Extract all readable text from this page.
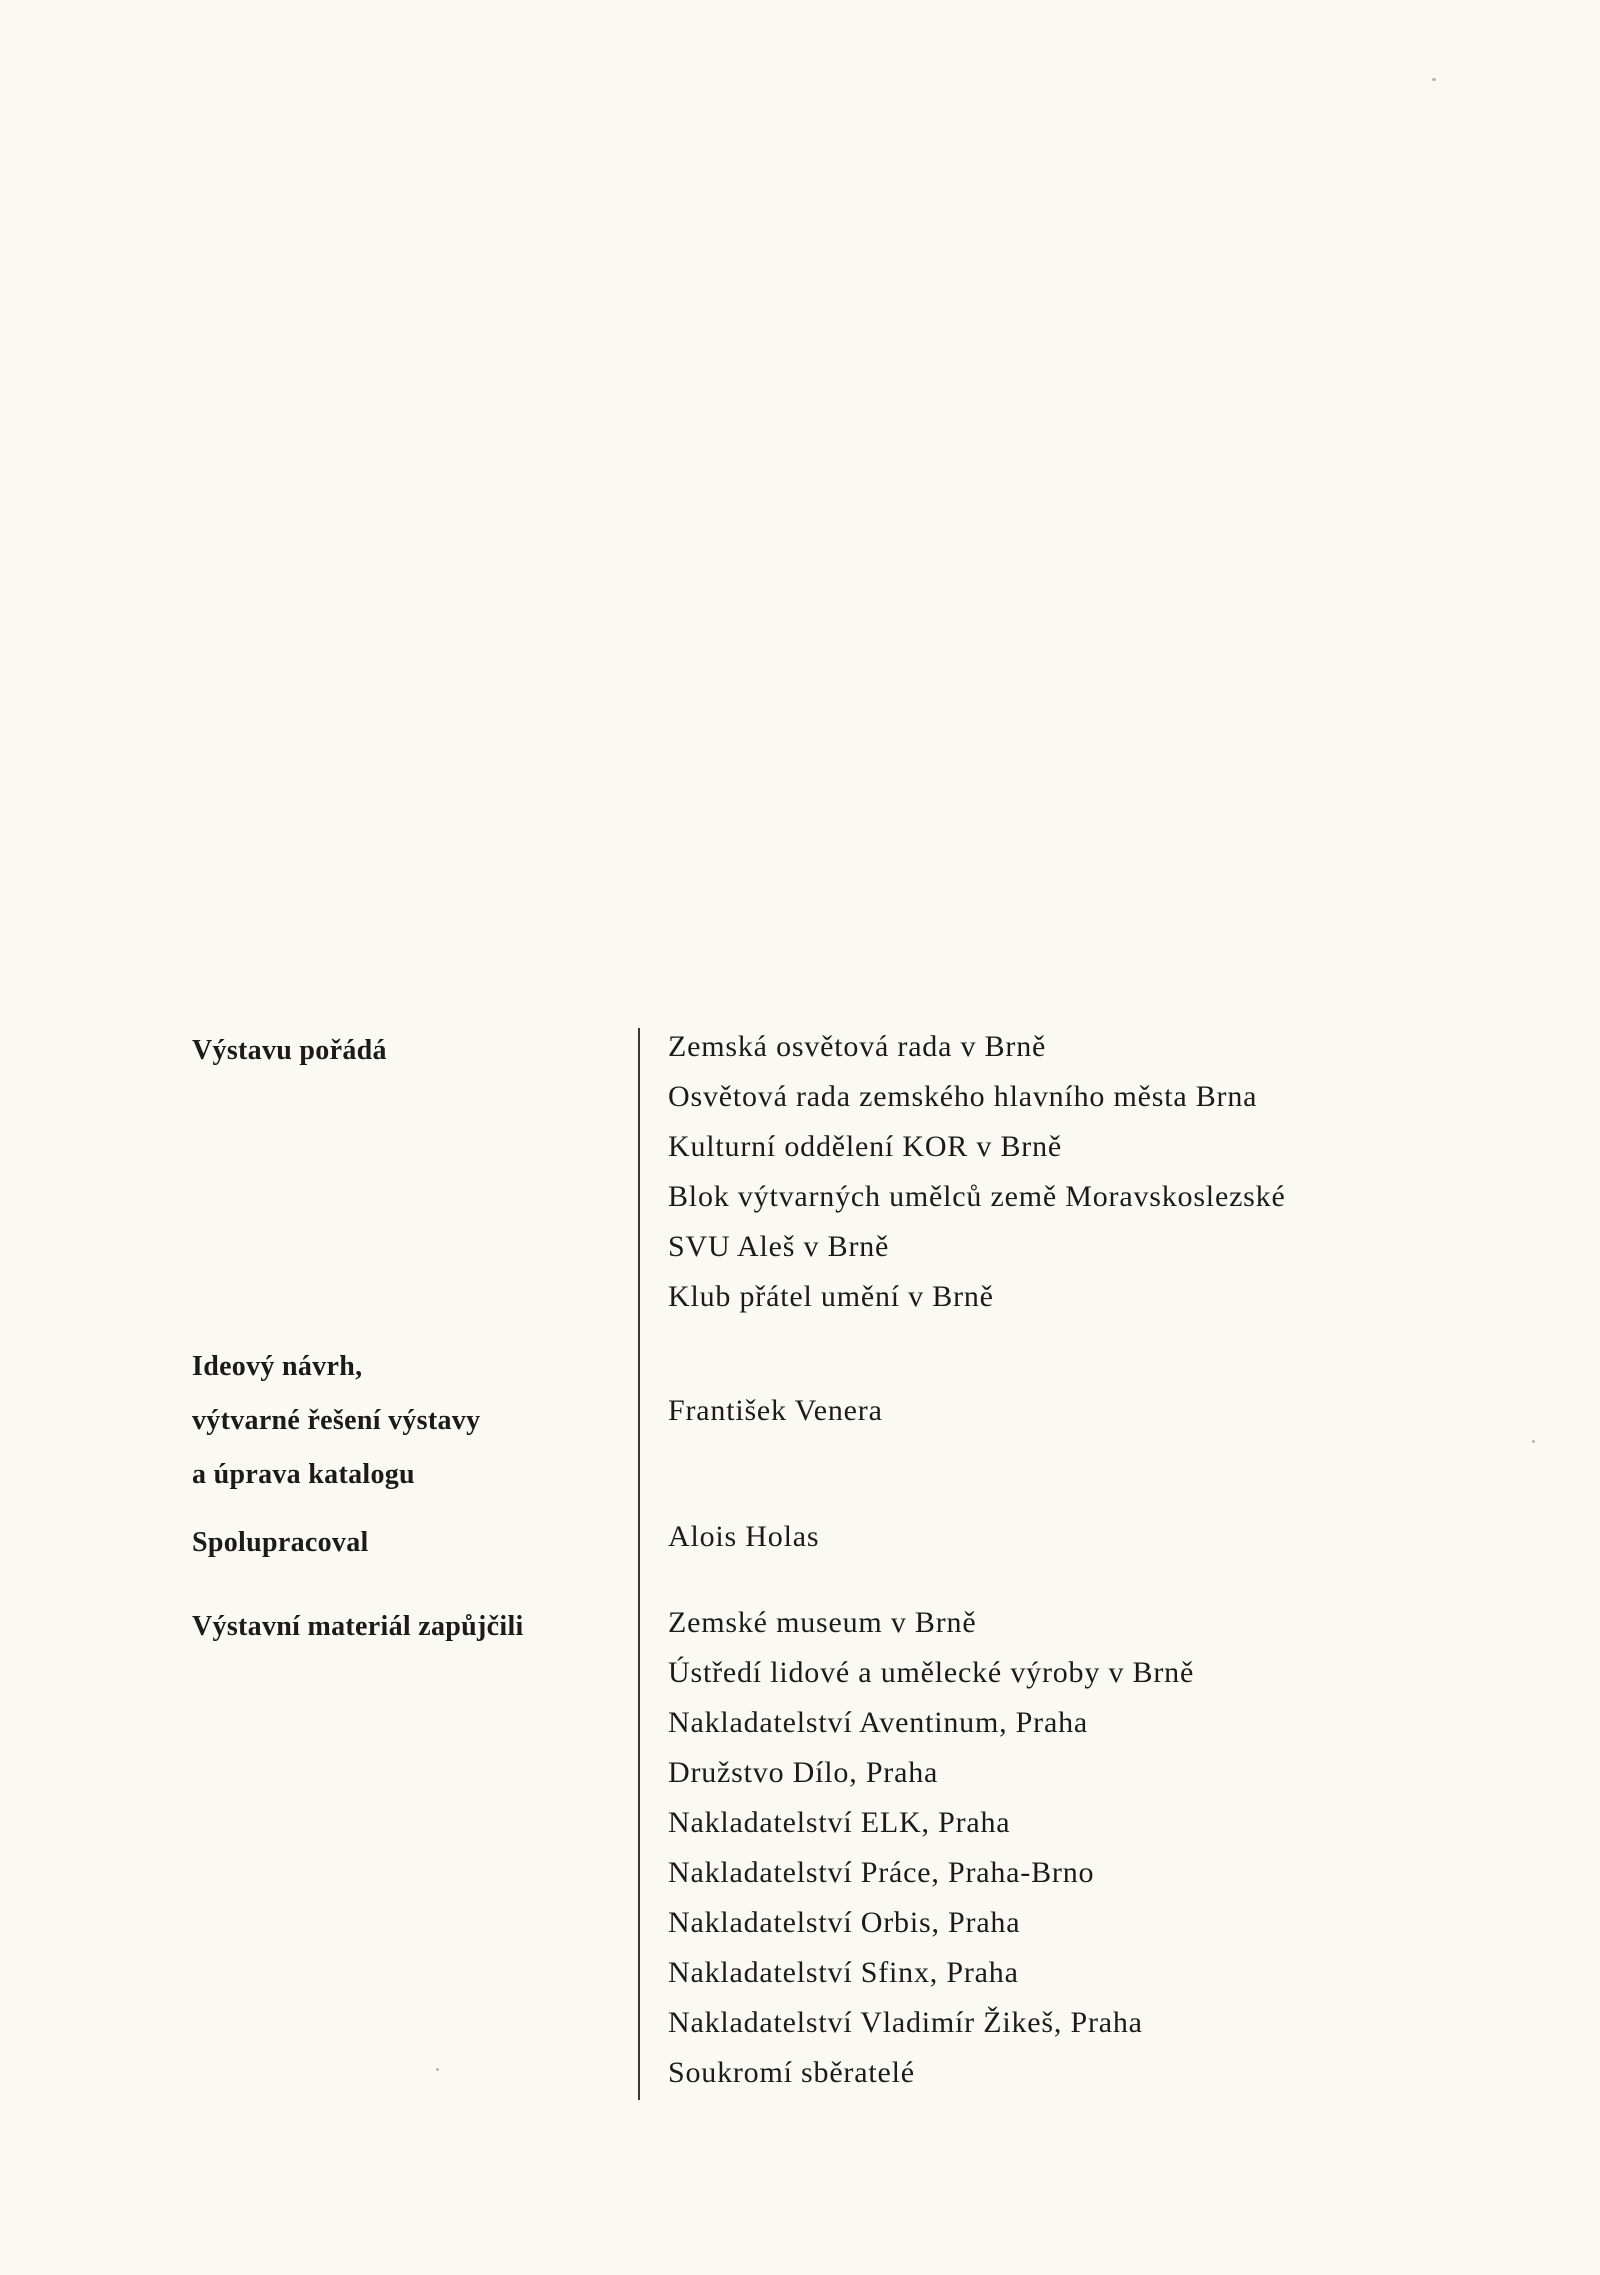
Výstavu pořádá
Ideový návrh,
výtvarné řešení výstavy
a úprava katalogu
Spolupracoval
Výstavní materiál zapůjčili
Zemská osvětová rada v Brně
Osvětová rada zemského hlavního města Brna
Kulturní oddělení KOR v Brně
Blok výtvarných umělců země Moravskoslezské
SVU Aleš v Brně
Klub přátel umění v Brně
František Venera
Alois Holas
Zemské museum v Brně
Ústředí lidové a umělecké výroby v Brně
Nakladatelství Aventinum, Praha
Družstvo Dílo, Praha
Nakladatelství ELK, Praha
Nakladatelství Práce, Praha-Brno
Nakladatelství Orbis, Praha
Nakladatelství Sfinx, Praha
Nakladatelství Vladimír Žikeš, Praha
Soukromí sběratelé
